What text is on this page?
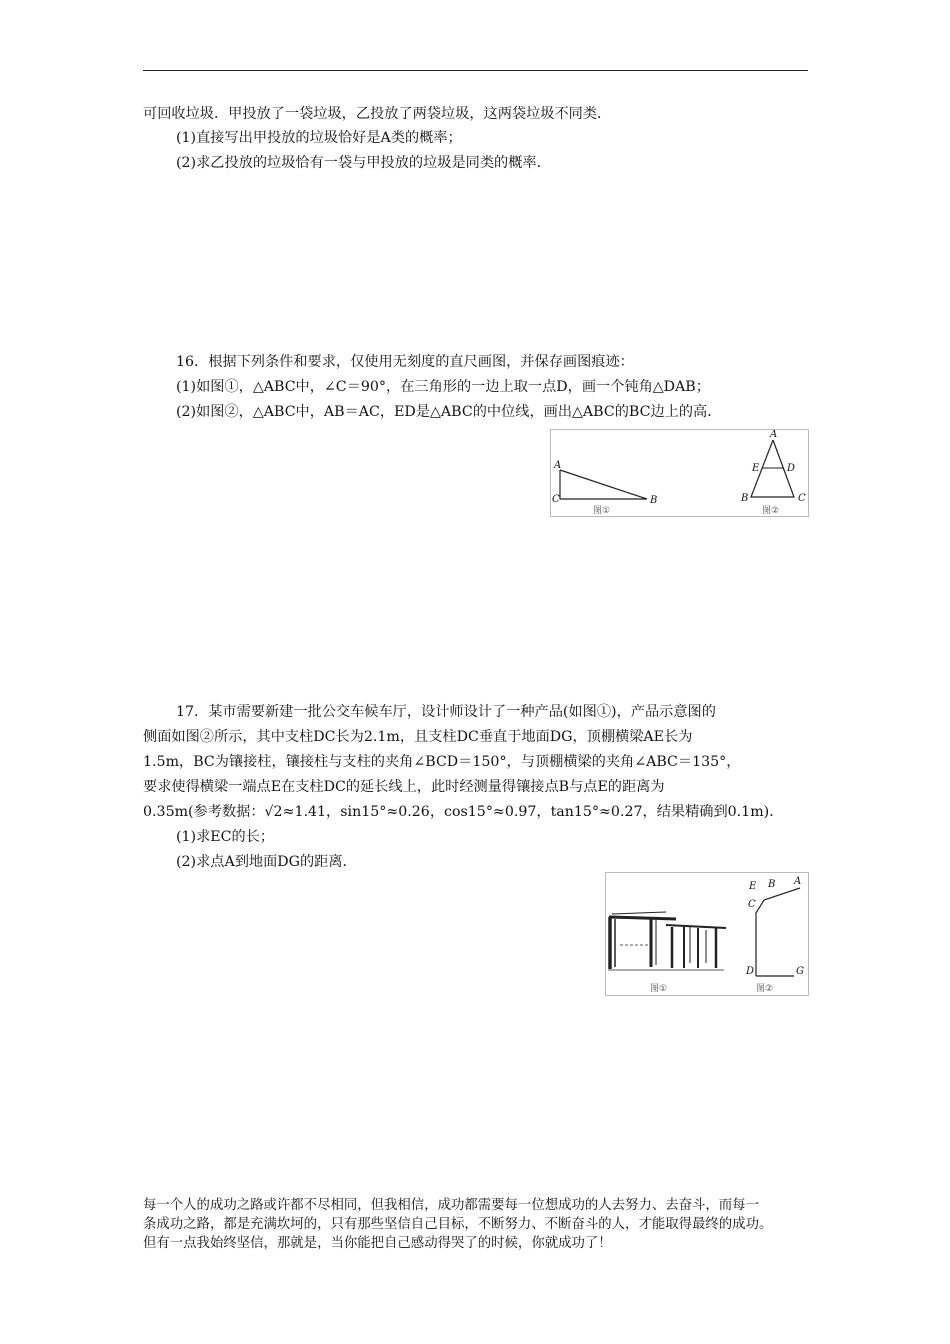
可回收垃圾．甲投放了一袋垃圾，乙投放了两袋垃圾，这两袋垃圾不同类．
(1)直接写出甲投放的垃圾恰好是A类的概率；
(2)求乙投放的垃圾恰有一袋与甲投放的垃圾是同类的概率．
16．根据下列条件和要求，仅使用无刻度的直尺画图，并保存画图痕迹：
(1)如图①，△ABC中，∠C＝90°，在三角形的一边上取一点D，画一个钝角△DAB；
(2)如图②，△ABC中，AB＝AC，ED是△ABC的中位线，画出△ABC的BC边上的高．
A
C	B
图①
A
E	D
B	C
图②
17．某市需要新建一批公交车候车厅，设计师设计了一种产品(如图①)，产品示意图的
侧面如图②所示，其中支柱DC长为2.1m，且支柱DC垂直于地面DG，顶棚横梁AE长为
1.5m，BC为镶接柱，镶接柱与支柱的夹角∠BCD＝150°，与顶棚横梁的夹角∠ABC＝135°，
要求使得横梁一端点E在支柱DC的延长线上，此时经测量得镶接点B与点E的距离为
0.35m(参考数据：√2≈1.41，sin15°≈0.26，cos15°≈0.97，tan15°≈0.27，结果精确到0.1m)．
(1)求EC的长；
(2)求点A到地面DG的距离．
图①
E B A
C
D	G
图②
每一个人的成功之路或许都不尽相同，但我相信，成功都需要每一位想成功的人去努力、去奋斗，而每一
条成功之路，都是充满坎坷的，只有那些坚信自己目标，不断努力、不断奋斗的人，才能取得最终的成功。
但有一点我始终坚信，那就是，当你能把自己感动得哭了的时候，你就成功了！
